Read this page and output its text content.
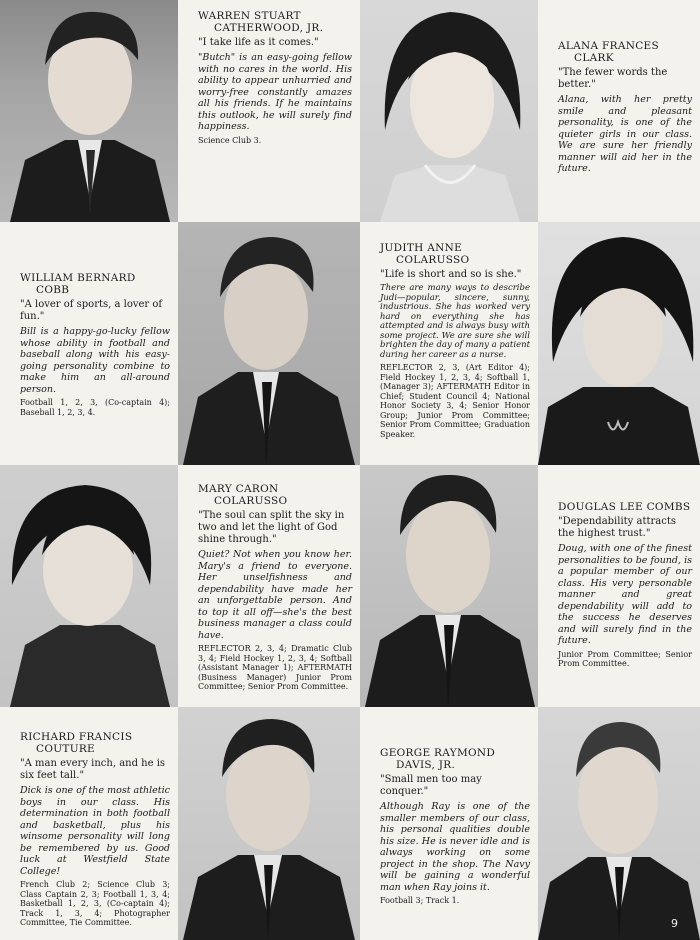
WARREN STUART
CATHERWOOD, JR.

"I take life as it comes."

"Butch" is an easy-going fellow with no cares in the world. His ability to appear unhurried and worry-free constantly amazes all his friends. If he maintains this outlook, he will surely find happiness.

Science Club 3.

ALANA FRANCES
CLARK

"The fewer words the better."

Alana, with her pretty smile and pleasant personality, is one of the quieter girls in our class. We are sure her friendly manner will aid her in the future.

WILLIAM BERNARD
COBB

"A lover of sports, a lover of fun."

Bill is a happy-go-lucky fellow whose ability in football and baseball along with his easy-going personality combine to make him an all-around person.

Football 1, 2, 3, (Co-captain 4); Baseball 1, 2, 3, 4.

JUDITH ANNE
COLARUSSO

"Life is short and so is she."

There are many ways to describe Judi—popular, sincere, sunny, industrious. She has worked very hard on everything she has attempted and is always busy with some project. We are sure she will brighten the day of many a patient during her career as a nurse.

REFLECTOR 2, 3, (Art Editor 4); Field Hockey 1, 2, 3, 4; Softball 1, (Manager 3); AFTERMATH Editor in Chief; Student Council 4; National Honor Society 3, 4; Senior Honor Group; Junior Prom Committee; Senior Prom Committee; Graduation Speaker.

MARY CARON
COLARUSSO

"The soul can split the sky in two and let the light of God shine through."

Quiet? Not when you know her. Mary's a friend to everyone. Her unselfishness and dependability have made her an unforgettable person. And to top it all off—she's the best business manager a class could have.

REFLECTOR 2, 3, 4; Dramatic Club 3, 4; Field Hockey 1, 2, 3, 4; Softball (Assistant Manager 1); AFTERMATH (Business Manager) Junior Prom Committee; Senior Prom Committee.

DOUGLAS LEE COMBS

"Dependability attracts the highest trust."

Doug, with one of the finest personalities to be found, is a popular member of our class. His very personable manner and great dependability will add to the success he deserves and will surely find in the future.

Junior Prom Committee; Senior Prom Committee.

RICHARD FRANCIS
COUTURE

"A man every inch, and he is six feet tall."

Dick is one of the most athletic boys in our class. His determination in both football and basketball, plus his winsome personality will long be remembered by us. Good luck at Westfield State College!

French Club 2; Science Club 3; Class Captain 2, 3; Football 1, 3, 4; Basketball 1, 2, 3, (Co-captain 4); Track 1, 3, 4; Photographer Committee, Tie Committee.

GEORGE RAYMOND
DAVIS, JR.

"Small men too may conquer."

Although Ray is one of the smaller members of our class, his personal qualities double his size. He is never idle and is always working on some project in the shop. The Navy will be gaining a wonderful man when Ray joins it.

Football 3; Track 1.

9
